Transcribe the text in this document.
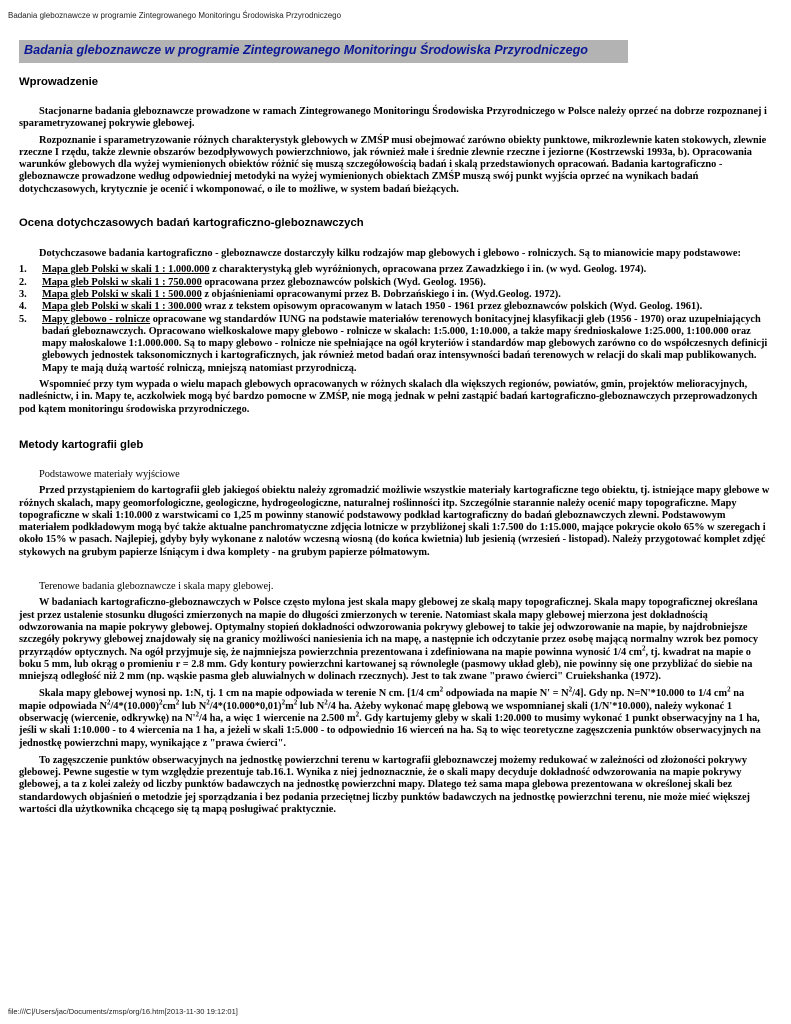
Badania gleboznawcze w programie Zintegrowanego Monitoringu Środowiska Przyrodniczego
Badania gleboznawcze w programie Zintegrowanego Monitoringu Środowiska Przyrodniczego
Wprowadzenie

Stacjonarne badania gleboznawcze prowadzone w ramach Zintegrowanego Monitoringu Środowiska Przyrodniczego w Polsce należy oprzeć na dobrze rozpoznanej i sparametryzowanej pokrywie glebowej.

Rozpoznanie i sparametryzowanie różnych charakterystyk glebowych w ZMŚP musi obejmować zarówno obiekty punktowe, mikrozlewnie katen stokowych, zlewnie rzeczne I rzędu, także zlewnie obszarów bezodpływowych powierzchniowo, jak również małe i średnie zlewnie rzeczne i jeziorne (Kostrzewski 1993a, b). Opracowania warunków glebowych dla wyżej wymienionych obiektów różnić się muszą szczegółowością badań i skalą przedstawionych opracowań. Badania kartograficzno - gleboznawcze prowadzone według odpowiedniej metodyki na wyżej wymienionych obiektach ZMŚP muszą swój punkt wyjścia oprzeć na wynikach badań dotychczasowych, krytycznie je ocenić i wkomponować, o ile to możliwe, w system badań bieżących.

Ocena dotychczasowych badań kartograficzno-gleboznawczych

Dotychczasowe badania kartograficzno - gleboznawcze dostarczyły kilku rodzajów map glebowych i glebowo - rolniczych. Są to mianowicie mapy podstawowe:

1. Mapa gleb Polski w skali 1 : 1.000.000 z charakterystyką gleb wyróżnionych, opracowana przez Zawadzkiego i in. (w wyd. Geolog. 1974).
2. Mapa gleb Polski w skali 1 : 750.000 opracowana przez gleboznawców polskich (Wyd. Geolog. 1956).
3. Mapa gleb Polski w skali 1 : 500.000 z objaśnieniami opracowanymi przez B. Dobrzańskiego i in. (Wyd.Geolog. 1972).
4. Mapa gleb Polski w skali 1 : 300.000 wraz z tekstem opisowym opracowanym w latach 1950 - 1961 przez gleboznawców polskich (Wyd. Geolog. 1961).
5. Mapy glebowo - rolnicze opracowane wg standardów IUNG na podstawie materiałów terenowych bonitacyjnej klasyfikacji gleb (1956 - 1970) oraz uzupełniających badań gleboznawczych. Opracowano wielkoskalowe mapy glebowo - rolnicze w skalach: 1:5.000, 1:10.000, a także mapy średnioskalowe 1:25.000, 1:100.000 oraz mapy małoskalowe 1:1.000.000. Są to mapy glebowo - rolnicze nie spełniające na ogół kryteriów i standardów map glebowych zarówno co do współczesnych definicji glebowych jednostek taksonomicznych i kartograficznych, jak również metod badań oraz intensywności badań terenowych w relacji do skali map publikowanych. Mapy te mają dużą wartość rolniczą, mniejszą natomiast przyrodniczą.

Wspomnieć przy tym wypada o wielu mapach glebowych opracowanych w różnych skalach dla większych regionów, powiatów, gmin, projektów melioracyjnych, nadleśnictw, i in. Mapy te, aczkolwiek mogą być bardzo pomocne w ZMŚP, nie mogą jednak w pełni zastąpić badań kartograficzno-gleboznawczych przeprowadzonych pod kątem monitoringu środowiska przyrodniczego.

Metody kartografii gleb

Podstawowe materiały wyjściowe

Przed przystąpieniem do kartografii gleb jakiegoś obiektu należy zgromadzić możliwie wszystkie materiały kartograficzne tego obiektu, tj. istniejące mapy glebowe w różnych skalach, mapy geomorfologiczne, geologiczne, hydrogeologiczne, naturalnej roślinności itp. Szczególnie starannie należy ocenić mapy topograficzne. Mapy topograficzne w skali 1:10.000 z warstwicami co 1,25 m powinny stanowić podstawowy podkład kartograficzny do badań gleboznawczych zlewni. Podstawowym materiałem podkładowym mogą być także aktualne panchromatyczne zdjęcia lotnicze w przybliżonej skali 1:7.500 do 1:15.000, mające pokrycie około 65% w szeregach i około 15% w pasach. Najlepiej, gdyby były wykonane z nalotów wczesną wiosną (do końca kwietnia) lub jesienią (wrzesień - listopad). Należy przygotować komplet zdjęć stykowych na grubym papierze lśniącym i dwa komplety - na grubym papierze półmatowym.

Terenowe badania gleboznawcze i skala mapy glebowej.

W badaniach kartograficzno-gleboznawczych w Polsce często mylona jest skala mapy glebowej ze skalą mapy topograficznej. Skala mapy topograficznej określana jest przez ustalenie stosunku długości zmierzonych na mapie do długości zmierzonych w terenie. Natomiast skala mapy glebowej mierzona jest dokładnością odwzorowania na mapie pokrywy glebowej. Optymalny stopień dokładności odwzorowania pokrywy glebowej to takie jej odwzorowanie na mapie, by najdrobniejsze szczegóły pokrywy glebowej znajdowały się na granicy możliwości naniesienia ich na mapę, a następnie ich odczytanie przez osobę mającą normalny wzrok bez pomocy przyrządów optycznych. Na ogół przyjmuje się, że najmniejsza powierzchnia prezentowana i zdefiniowana na mapie powinna wynosić 1/4 $cm^2$, tj. kwadrat na mapie o boku 5 mm, lub okrąg o promieniu r = 2.8 mm. Gdy kontury powierzchni kartowanej są równoległe (pasmowy układ gleb), nie powinny się one przybliżać do siebie na mniejszą odległość niż 2 mm (np. wąskie pasma gleb aluwialnych w dolinach rzecznych). Jest to tak zwane "prawo ćwierci" Cruiekshanka (1972).

Skala mapy glebowej wynosi np. 1:N, tj. 1 cm na mapie odpowiada w terenie N cm. [1/4 $cm^2$ odpowiada na mapie $N' = N^2/4$]. Gdy np. N=N'*10.000 to 1/4 $cm^2$ na mapie odpowiada $N^2/4*(10.000)^2cm^2$ lub $N^2/4*(10.000*0,01)^2m^2$ lub $N^2/4$ ha. Ażeby wykonać mapę glebową we wspomnianej skali (1/N'*10.000), należy wykonać 1 obserwację (wiercenie, odkrywkę) na $N'^2/4$ ha, a więc 1 wiercenie na 2.500 $m^2$. Gdy kartujemy gleby w skali 1:20.000 to musimy wykonać 1 punkt obserwacyjny na 1 ha, jeśli w skali 1:10.000 - to 4 wiercenia na 1 ha, a jeżeli w skali 1:5.000 - to odpowiednio 16 wierceń na ha. Są to więc teoretyczne zagęszczenia punktów obserwacyjnych na jednostkę powierzchni mapy, wynikające z "prawa ćwierci".

To zagęszczenie punktów obserwacyjnych na jednostkę powierzchni terenu w kartografii gleboznawczej możemy redukować w zależności od złożoności pokrywy glebowej. Pewne sugestie w tym względzie prezentuje tab.16.1. Wynika z niej jednoznacznie, że o skali mapy decyduje dokładność odwzorowania na mapie pokrywy glebowej, a ta z kolei zależy od liczby punktów badawczych na jednostkę powierzchni mapy. Dlatego też sama mapa glebowa prezentowana w określonej skali bez standardowych objaśnień o metodzie jej sporządzania i bez podania przeciętnej liczby punktów badawczych na jednostkę powierzchni terenu, nie może mieć większej wartości dla użytkownika chcącego się tą mapą posługiwać praktycznie.

file:///C|/Users/jac/Documents/zmsp/org/16.htm[2013-11-30 19:12:01]
